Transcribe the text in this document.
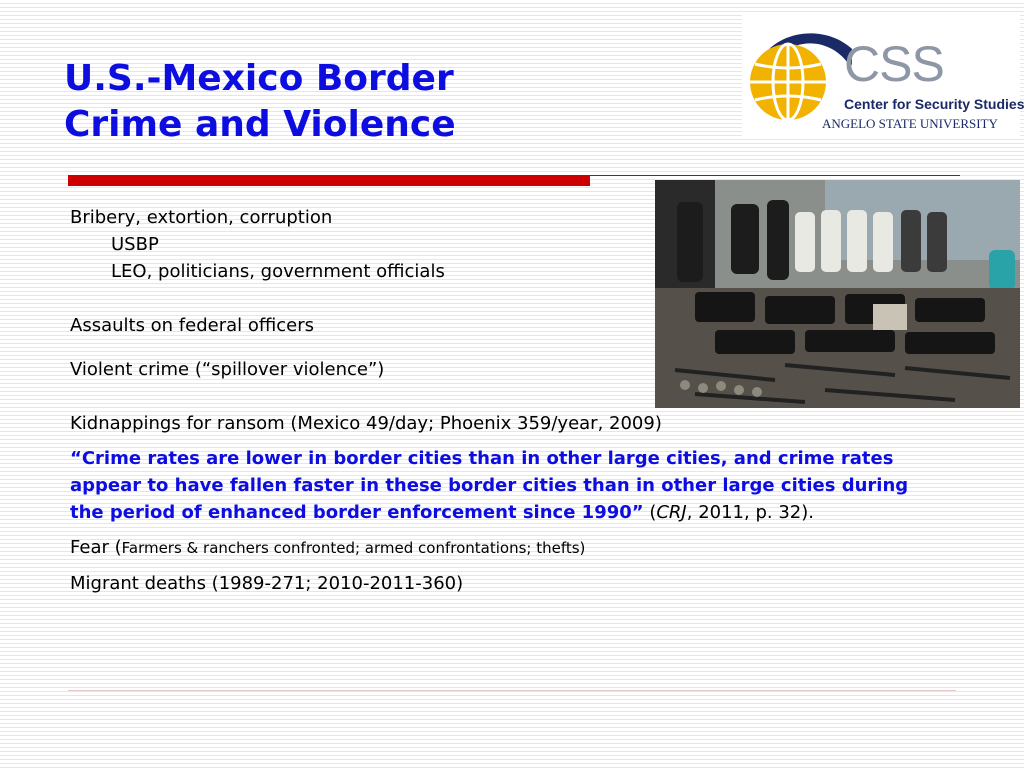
U.S.-Mexico Border
Crime and Violence
CSS
Center for Security Studies
ANGELO STATE UNIVERSITY

Bribery, extortion, corruption

USBP

LEO, politicians, government officials

Assaults on federal officers

Violent crime (“spillover violence”)

Kidnappings for ransom (Mexico 49/day; Phoenix 359/year, 2009)

“Crime rates are lower in border cities than in other large cities, and crime rates appear to have fallen faster in these border cities than in other large cities during the period of enhanced border enforcement since 1990” (CRJ, 2011, p. 32).

Fear (Farmers & ranchers confronted; armed confrontations; thefts)

Migrant deaths (1989-271; 2010-2011-360)
